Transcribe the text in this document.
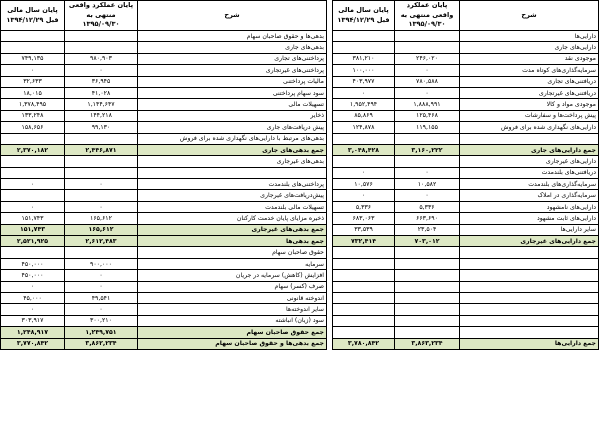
شرح	پایان عملکرد واقعی منتهی به ۱۳۹۵/۰۹/۳۰	پایان سال مالی قبل ۱۳۹۴/۱۲/۲۹		شرح	پایان عملکرد واقعی منتهی به ۱۳۹۵/۰۹/۳۰	پایان سال مالی قبل ۱۳۹۴/۱۲/۲۹
دارایی‌ها				بدهی‌ها و حقوق صاحبان سهام		
دارایی‌های جاری				بدهی‌های جاری		
موجودی نقد	۲۴۶,۰۲۰	۳۸۱,۲۱۰		پرداختنی‌های تجاری	۹۸۰,۹۰۳	۷۴۹,۱۳۵
سرمایه‌گذاری‌های کوتاه مدت	۰	۱۰۰,۰۰۰		پرداختنی‌های غیرتجاری	۰	۰
دریافتنی‌های تجاری	۷۸۰,۵۸۸	۴۰۳,۹۷۷		مالیات پرداختنی	۳۶,۹۴۵	۳۲,۶۳۳
دریافتنی‌های غیرتجاری	۰	۰		سود سهام پرداختنی	۴۱,۰۲۸	۱۸,۰۱۵
موجودی مواد و کالا	۱,۸۸۸,۹۹۱	۱,۹۵۲,۴۹۴		تسهیلات مالی	۱,۱۴۴,۶۴۷	۱,۳۷۸,۴۹۵
پیش پرداخت‌ها و سفارشات	۱۲۵,۴۶۸	۸۵,۸۶۹		ذخایر	۱۴۴,۲۱۸	۱۳۳,۲۴۸
دارایی‌های نگهداری شده برای فروش	۱۱۹,۱۵۵	۱۲۴,۸۷۸		پیش دریافت‌های جاری	۹۹,۱۳۰	۱۵۸,۶۵۶
				بدهی‌های مرتبط با دارایی‌های نگهداری شده برای فروش		
جمع دارایی‌های جاری	۳,۱۶۰,۲۲۲	۳,۰۴۸,۴۲۸		جمع بدهی‌های جاری	۲,۴۴۶,۸۷۱	۲,۳۷۰,۱۸۲
دارایی‌های غیرجاری				بدهی‌های غیرجاری		
دریافتنی‌های بلندمدت	۰	۰				
سرمایه‌گذاری‌های بلندمدت	۱۰,۵۸۲	۱۰,۵۷۶		پرداختنی‌های بلندمدت	۰	۰
سرمایه‌گذاری در املاک	۰	۰		پیش‌دریافت‌های غیرجاری		
دارایی‌های نامشهود	۵,۳۳۶	۵,۳۳۶		تسهیلات مالی بلندمدت	۰	۰
دارایی‌های ثابت مشهود	۶۶۳,۶۹۰	۶۸۳,۰۶۳		ذخیره مزایای پایان خدمت کارکنان	۱۶۵,۶۱۲	۱۵۱,۷۴۳
سایر دارایی‌ها	۲۳,۵۰۴	۳۳,۵۳۹		جمع بدهی‌های غیرجاری	۱۶۵,۶۱۲	۱۵۱,۷۴۳
جمع دارایی‌های غیرجاری	۷۰۳,۰۱۲	۷۳۲,۴۱۴		جمع بدهی‌ها	۲,۶۱۲,۴۸۳	۲,۵۲۱,۹۲۵
				حقوق صاحبان سهام		
				سرمایه	۹۰۰,۰۰۰	۴۵۰,۰۰۰
				افزایش (کاهش) سرمایه در جریان	۰	۴۵۰,۰۰۰
				صرف (کسر) سهام	۰	۰
				اندوخته قانونی	۴۹,۵۴۱	۴۵,۰۰۰
				سایر اندوخته‌ها	۰	۰
				سود (زیان) انباشته	۳۰۰,۲۱۰	۳۰۳,۹۱۷
				جمع حقوق صاحبان سهام	۱,۲۴۹,۷۵۱	۱,۲۴۸,۹۱۷
جمع دارایی‌ها	۳,۸۶۳,۲۳۴	۳,۷۸۰,۸۴۲		جمع بدهی‌ها و حقوق صاحبان سهام	۳,۸۶۲,۲۳۴	۳,۷۷۰,۸۴۲
